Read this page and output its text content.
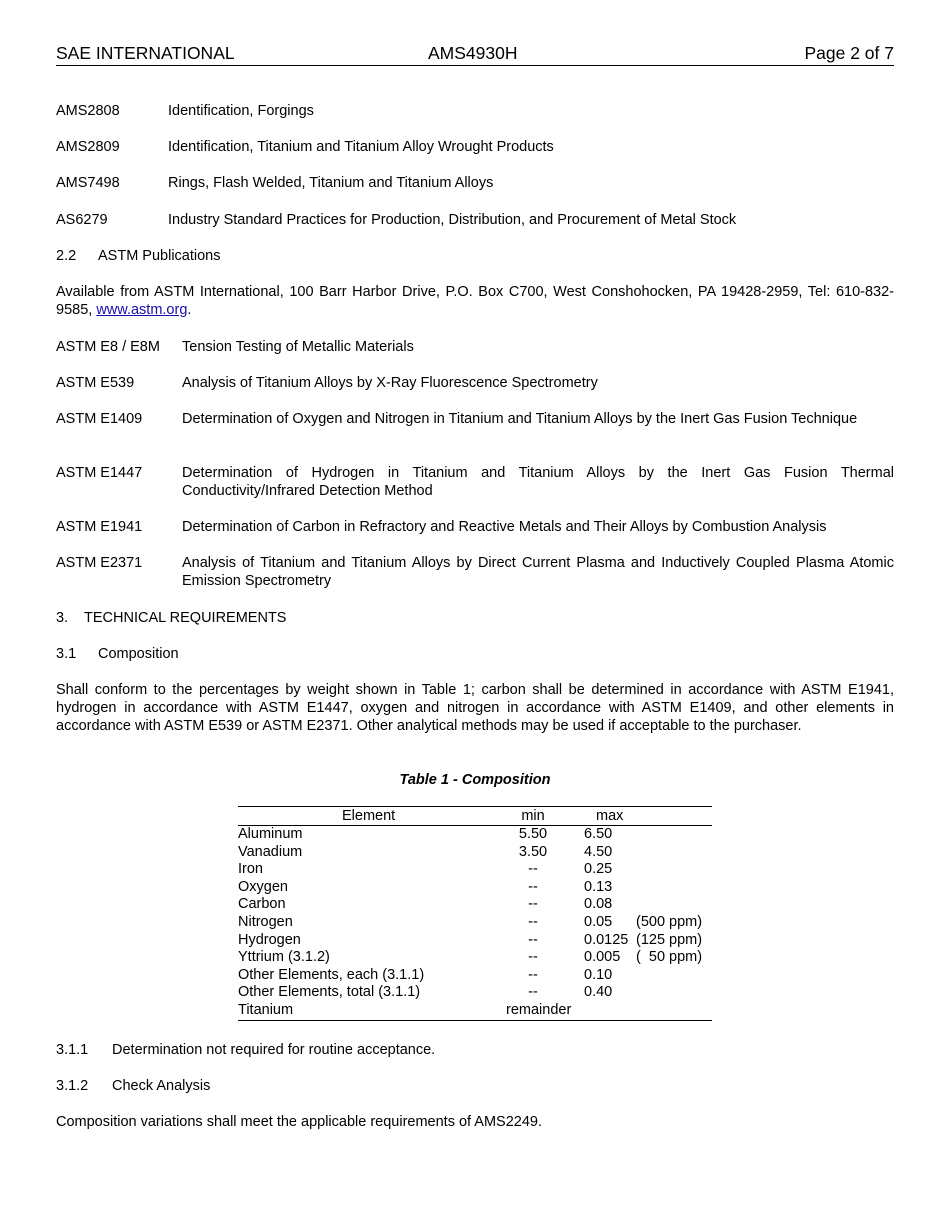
SAE INTERNATIONAL	AMS4930H	Page 2 of 7
AMS2808	Identification, Forgings
AMS2809	Identification, Titanium and Titanium Alloy Wrought Products
AMS7498	Rings, Flash Welded, Titanium and Titanium Alloys
AS6279	Industry Standard Practices for Production, Distribution, and Procurement of Metal Stock
2.2 ASTM Publications
Available from ASTM International, 100 Barr Harbor Drive, P.O. Box C700, West Conshohocken, PA 19428-2959, Tel: 610-832-9585, www.astm.org.
ASTM E8 / E8M Tension Testing of Metallic Materials
ASTM E539	Analysis of Titanium Alloys by X-Ray Fluorescence Spectrometry
ASTM E1409	Determination of Oxygen and Nitrogen in Titanium and Titanium Alloys by the Inert Gas Fusion Technique
ASTM E1447	Determination of Hydrogen in Titanium and Titanium Alloys by the Inert Gas Fusion Thermal Conductivity/Infrared Detection Method
ASTM E1941	Determination of Carbon in Refractory and Reactive Metals and Their Alloys by Combustion Analysis
ASTM E2371	Analysis of Titanium and Titanium Alloys by Direct Current Plasma and Inductively Coupled Plasma Atomic Emission Spectrometry
3. TECHNICAL REQUIREMENTS
3.1 Composition
Shall conform to the percentages by weight shown in Table 1; carbon shall be determined in accordance with ASTM E1941, hydrogen in accordance with ASTM E1447, oxygen and nitrogen in accordance with ASTM E1409, and other elements in accordance with ASTM E539 or ASTM E2371. Other analytical methods may be used if acceptable to the purchaser.
Table 1 - Composition
Element	min	max
Aluminum	5.50	6.50
Vanadium	3.50	4.50
Iron	--	0.25
Oxygen	--	0.13
Carbon	--	0.08
Nitrogen	--	0.05 (500 ppm)
Hydrogen	--	0.0125 (125 ppm)
Yttrium (3.1.2)	--	0.005 (  50 ppm)
Other Elements, each (3.1.1)	--	0.10
Other Elements, total (3.1.1)	--	0.40
Titanium	remainder
3.1.1 Determination not required for routine acceptance.
3.1.2 Check Analysis
Composition variations shall meet the applicable requirements of AMS2249.
